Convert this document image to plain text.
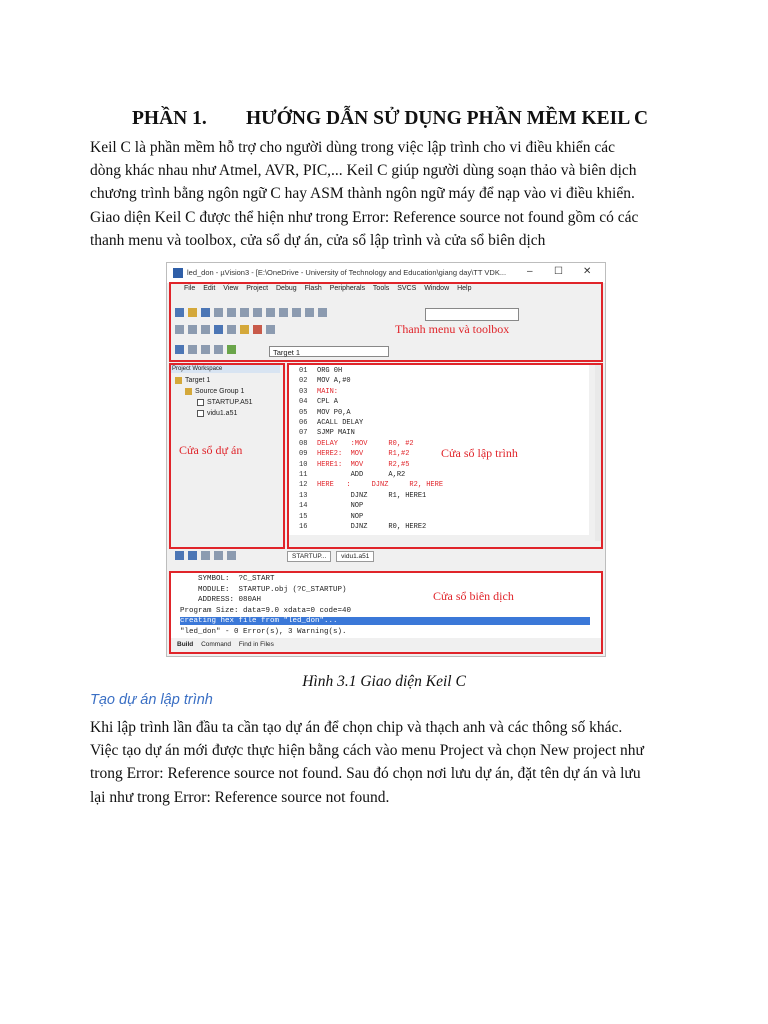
PHẦN 1. HƯỚNG DẪN SỬ DỤNG PHẦN MỀM KEIL C
Keil C là phần mềm hỗ trợ cho người dùng trong việc lập trình cho vi điều khiển các
dòng khác nhau như Atmel, AVR, PIC,... Keil C giúp người dùng soạn thảo và biên dịch
chương trình bằng ngôn ngữ C hay ASM thành ngôn ngữ máy để nạp vào vi điều khiển.
Giao diện Keil C được thể hiện như trong Error: Reference source not found gồm có các
thanh menu và toolbox, cửa sổ dự án, cửa sổ lập trình và cửa sổ biên dịch
led_don - µVision3 - [E:\OneDrive - University of Technology and Education\giang day\TT VDK... – ☐ ✕
File Edit View Project Debug Flash Peripherals Tools SVCS Window Help
Target 1
Thanh menu và toolbox
Project Workspace
Target 1
Source Group 1
STARTUP.A51
vidu1.a51
Cửa sổ dự án
01	ORG 0H
02	MOV A,#0
03	MAIN:
04	CPL A
05	MOV P0,A
06	ACALL DELAY
07	SJMP MAIN
08	DELAY   :MOV     R0, #2
09	HERE2:  MOV      R1,#2
10	HERE1:  MOV      R2,#5
11	ADD      A,R2
12	HERE   :     DJNZ     R2, HERE
13	DJNZ     R1, HERE1
14	NOP
15	NOP
16	DJNZ     R0, HERE2
Cửa sổ lập trình
STARTUP... vidu1.a51
SYMBOL:  ?C_START
MODULE:  STARTUP.obj (?C_STARTUP)
ADDRESS: 080AH
Program Size: data=9.0 xdata=0 code=40
creating hex file from "led_don"...
"led_don" - 0 Error(s), 3 Warning(s).
Build Command Find in Files
Cửa sổ biên dịch
Hình 3.1 Giao diện Keil C
Tạo dự án lập trình
Khi lập trình lần đầu ta cần tạo dự án để chọn chip và thạch anh và các thông số khác.
Việc tạo dự án mới được thực hiện bằng cách vào menu Project và chọn New project như
trong Error: Reference source not found. Sau đó chọn nơi lưu dự án, đặt tên dự án và lưu
lại như trong Error: Reference source not found.
